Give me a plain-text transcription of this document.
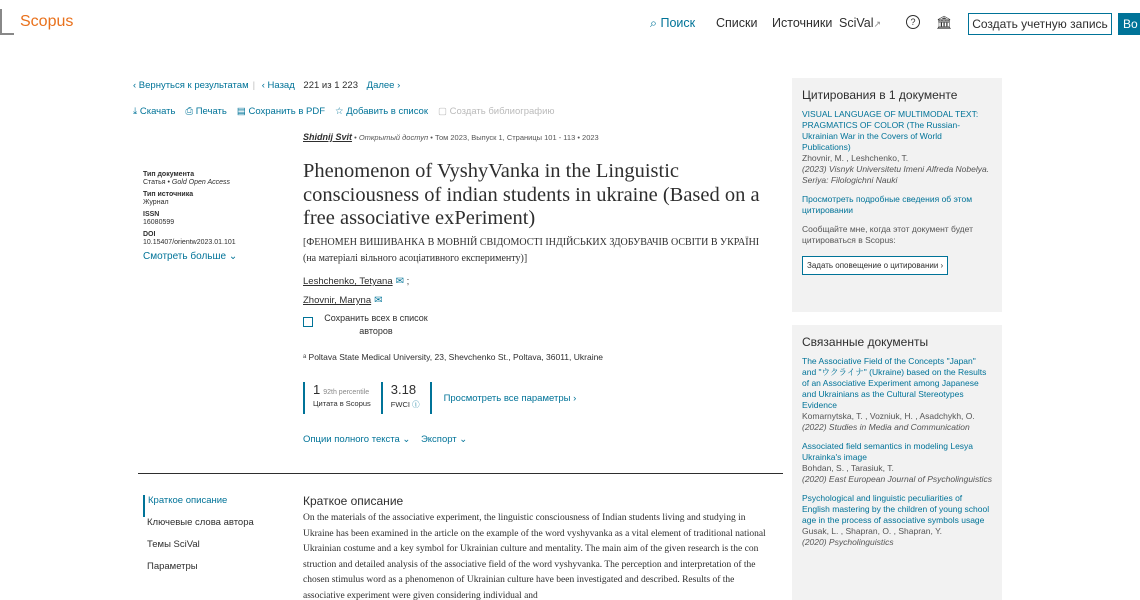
Scopus	⌕ Поиск Списки Источники SciVal↗	?	🏛	Создать учетную запись	Во
‹ Вернуться к результатам | ‹ Назад 221 из 1 223 Далее ›
⤓ Скачать ⎙ Печать ▤ Сохранить в PDF ☆ Добавить в список ▢ Создать библиографию
Shidnij Svit • Открытый доступ • Том 2023, Выпуск 1, Страницы 101 - 113 • 2023
Тип документа
Статья • Gold Open Access
Тип источника
Журнал
ISSN
16080599
DOI
10.15407/orientw2023.01.101
Смотреть больше ⌄
Phenomenon of VyshyVanka in the Linguistic consciousness of indian students in ukraine (Based on a free associative exPeriment)
[ФЕНОМЕН ВИШИВАНКА В МОВНІЙ СВІДОМОСТІ ІНДІЙСЬКИХ ЗДОБУВАЧІВ ОСВІТИ В УКРАЇНІ (на матеріалі вільного асоціативного експерименту)]
Leshchenko, Tetyana ✉ ;
Zhovnir, Maryna ✉
Сохранить всех в список авторов
ᵃ Poltava State Medical University, 23, Shevchenko St., Poltava, 36011, Ukraine
1 92th percentile
Цитата в Scopus
3.18
FWCI ⓘ
Просмотреть все параметры ›
Опции полного текста ⌄ Экспорт ⌄
Краткое описание
Ключевые слова автора
Темы SciVal
Параметры
Краткое описание
On the materials of the associative experiment, the linguistic consciousness of Indian students living and studying in Ukraine has been examined in the article on the example of the word vyshyvanka as a vital element of traditional national Ukrainian costume and a key symbol for Ukrainian culture and mentality. The main aim of the given research is the con struction and detailed analysis of the associative field of the word vyshyvanka. The perception and interpretation of the chosen stimulus word as a phenomenon of Ukrainian culture have been investigated and described. Results of the associative experiment were given considering individual and
Цитирования в 1 документе
VISUAL LANGUAGE OF MULTIMODAL TEXT: PRAGMATICS OF COLOR (The Russian-Ukrainian War in the Covers of World Publications)
Zhovnir, M. , Leshchenko, T.
(2023) Visnyk Universitetu Imeni Alfreda Nobelya. Seriya: Filologichni Nauki
Просмотреть подробные сведения об этом цитировании
Сообщайте мне, когда этот документ будет цитироваться в Scopus:
Задать оповещение о цитировании ›
Связанные документы
The Associative Field of the Concepts "Japan" and "ウクライナ" (Ukraine) based on the Results of an Associative Experiment among Japanese and Ukrainians as the Cultural Stereotypes Evidence
Komarnytska, T. , Vozniuk, H. , Asadchykh, O.
(2022) Studies in Media and Communication
Associated field semantics in modeling Lesya Ukrainka's image
Bohdan, S. , Tarasiuk, T.
(2020) East European Journal of Psycholinguistics
Psychological and linguistic peculiarities of English mastering by the children of young school age in the process of associative symbols usage
Gusak, L. , Shapran, O. , Shapran, Y.
(2020) Psycholinguistics
